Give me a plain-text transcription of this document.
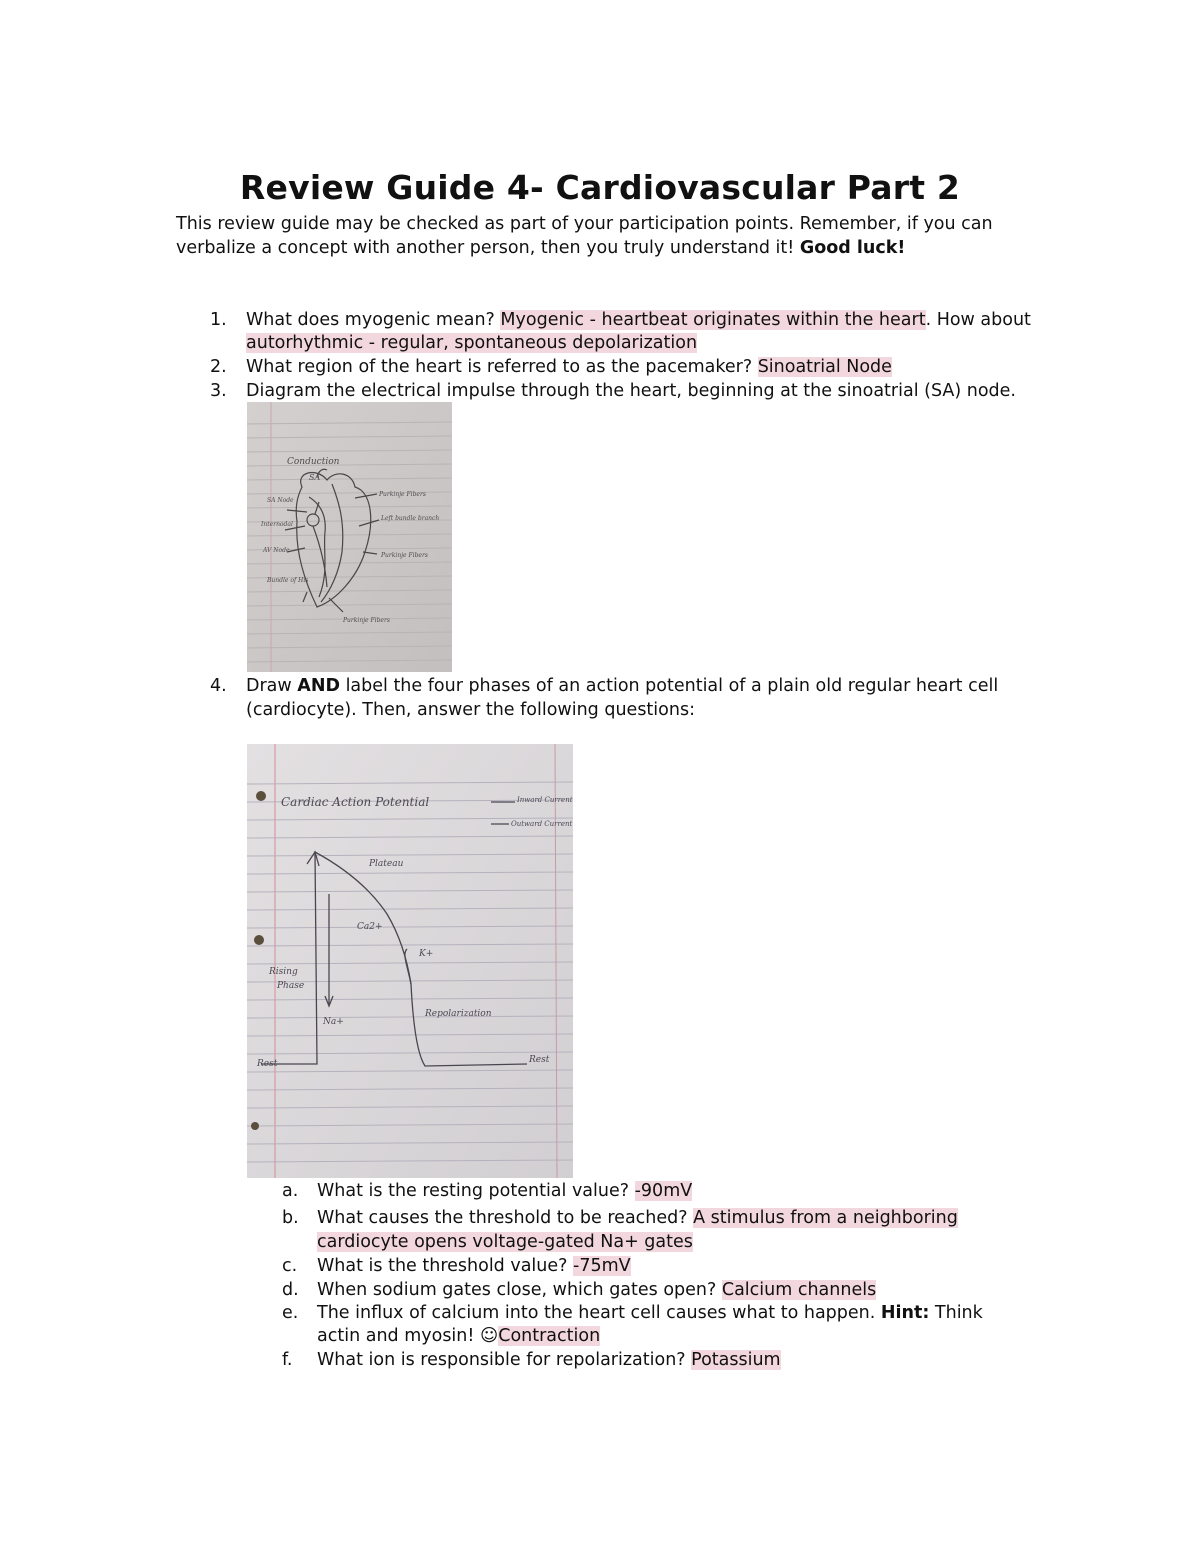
Review Guide 4- Cardiovascular Part 2
This review guide may be checked as part of your participation points. Remember, if you can
verbalize a concept with another person, then you truly understand it! Good luck!
1. What does myogenic mean? Myogenic - heartbeat originates within the heart. How about
autorhythmic - regular, spontaneous depolarization
2. What region of the heart is referred to as the pacemaker? Sinoatrial Node
3. Diagram the electrical impulse through the heart, beginning at the sinoatrial (SA) node.
Conduction
SA
SA Node
Internodal
AV Node
Bundle of His
Purkinje Fibers
Left bundle branch
Purkinje Fibers
Purkinje Fibers
4. Draw AND label the four phases of an action potential of a plain old regular heart cell
(cardiocyte). Then, answer the following questions:
Cardiac Action Potential	Inward Current
Outward Current
Plateau
Ca2+
K+
Rising
Phase
Na+
Repolarization
Rest	Rest
a. What is the resting potential value? -90mV
b. What causes the threshold to be reached? A stimulus from a neighboring
cardiocyte opens voltage-gated Na+ gates
c. What is the threshold value? -75mV
d. When sodium gates close, which gates open? Calcium channels
e. The influx of calcium into the heart cell causes what to happen. Hint: Think
actin and myosin! ☺Contraction
f. What ion is responsible for repolarization? Potassium
